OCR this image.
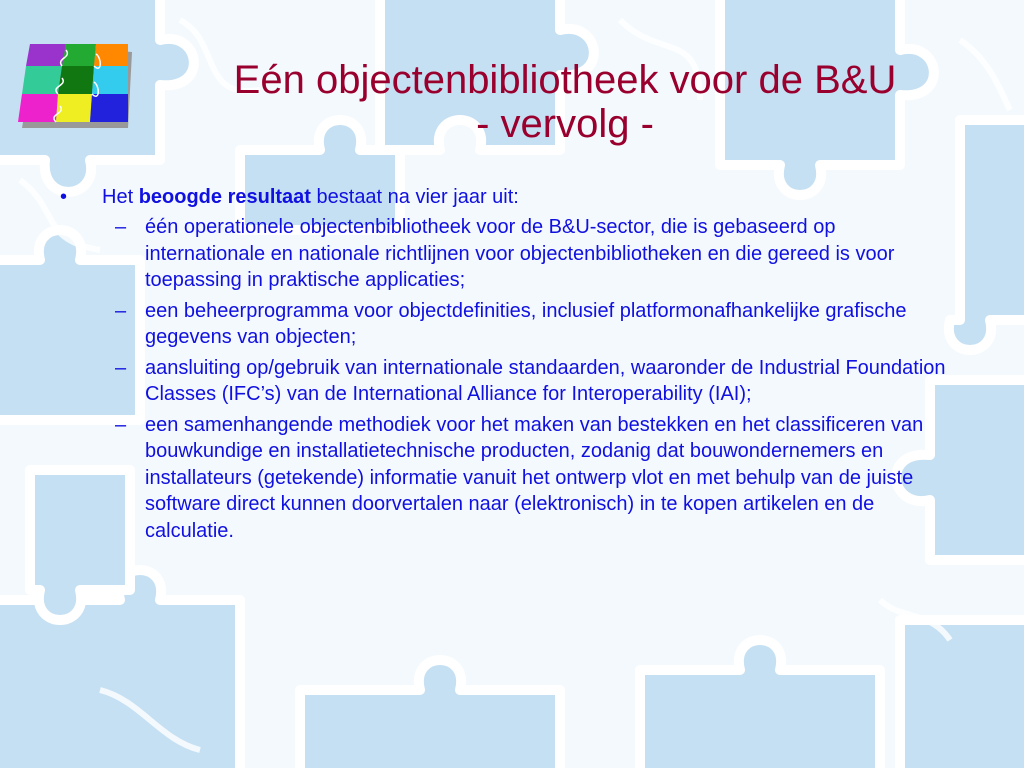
Eén objectenbibliotheek voor de B&U
- vervolg -
• Het beoogde resultaat bestaat na vier jaar uit:
– één operationele objectenbibliotheek voor de B&U-sector, die is gebaseerd op internationale en nationale richtlijnen voor objectenbibliotheken en die gereed is voor toepassing in praktische applicaties;
– een beheerprogramma voor objectdefinities, inclusief platformonafhankelijke grafische gegevens van objecten;
– aansluiting op/gebruik van internationale standaarden, waaronder de Industrial Foundation Classes (IFC’s) van de International Alliance for Interoperability (IAI);
– een samenhangende methodiek voor het maken van bestekken en het classificeren van bouwkundige en installatietechnische producten, zodanig dat bouwondernemers en installateurs (getekende) informatie vanuit het ontwerp vlot en met behulp van de juiste software direct kunnen doorvertalen naar (elektronisch) in te kopen artikelen en de calculatie.
